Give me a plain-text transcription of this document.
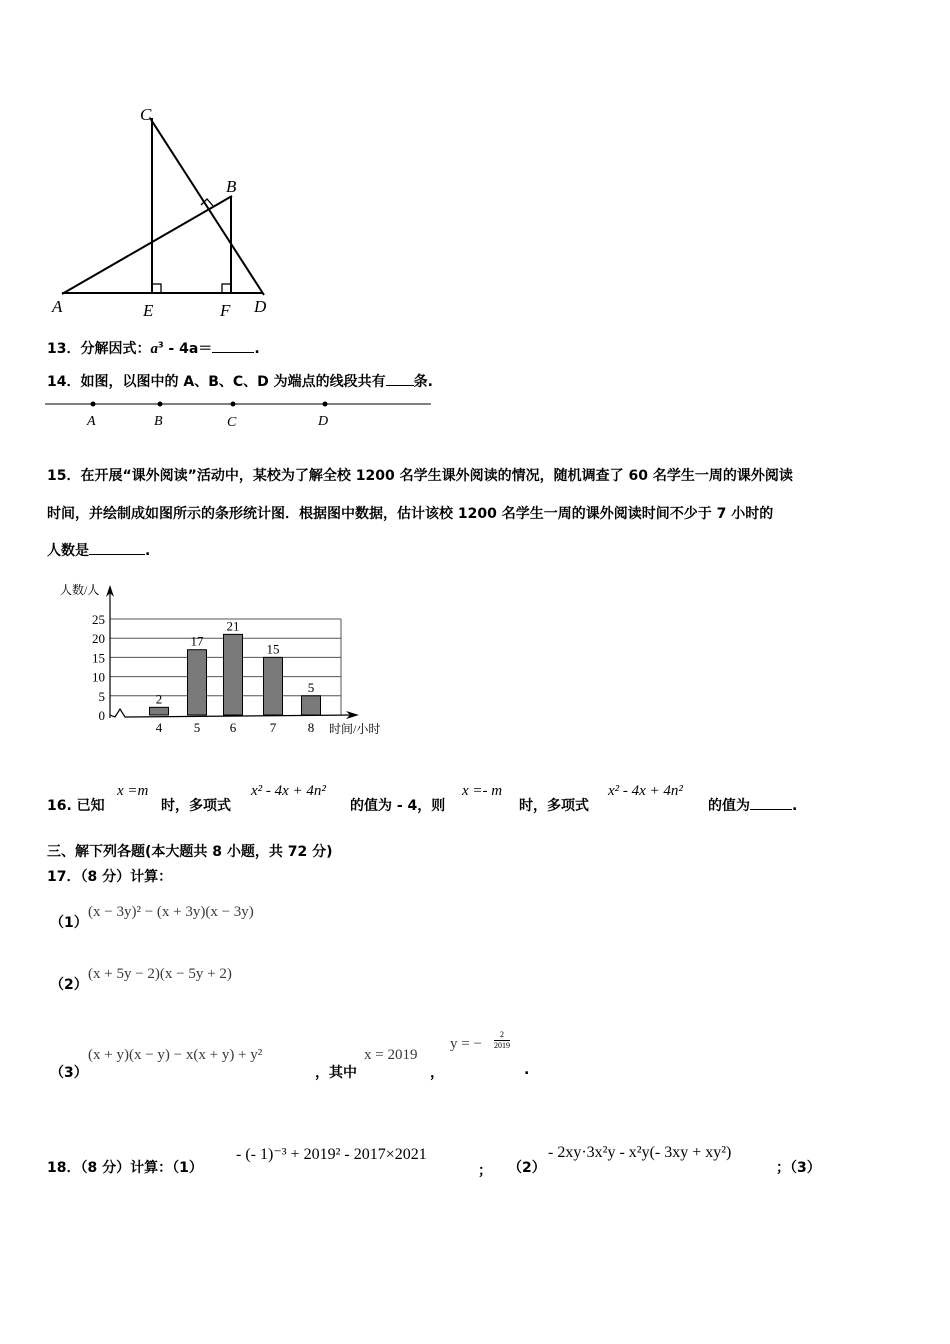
C
B
A	E	F D
13．分解因式：$a^3 - 4a=$	.
14．如图，以图中的 A、B、C、D 为端点的线段共有 条.
A	B	C	D
15．在开展“课外阅读”活动中，某校为了解全校 1200 名学生课外阅读的情况，随机调查了 60 名学生一周的课外阅读
时间，并绘制成如图所示的条形统计图．根据图中数据，估计该校 1200 名学生一周的课外阅读时间不少于 7 小时的
人数是	.
0
5
10
15
20
25
人数/人
时间/小时
2
4
17
5
21
6
15
7
5
8
16. 已知
x =m
时，多项式
x² - 4x + 4n²
的值为 - 4，则
x =- m
时，多项式
x² - 4x + 4n²
的值为	.
三、解下列各题(本大题共 8 小题，共 72 分)
17．（8 分）计算：
（1）
(x − 3y)² − (x + 3y)(x − 3y)
（2）
(x + 5y − 2)(x − 5y + 2)
（3）
(x + y)(x − y) − x(x + y) + y²
，其中
x = 2019
，
y = − $\frac{2}{2019}$
.
18．（8 分）计算：（1）
- (- 1)⁻³ + 2019² - 2017×2021
； （2）
- 2xy·3x²y - x²y(- 3xy + xy²)
；（3）
